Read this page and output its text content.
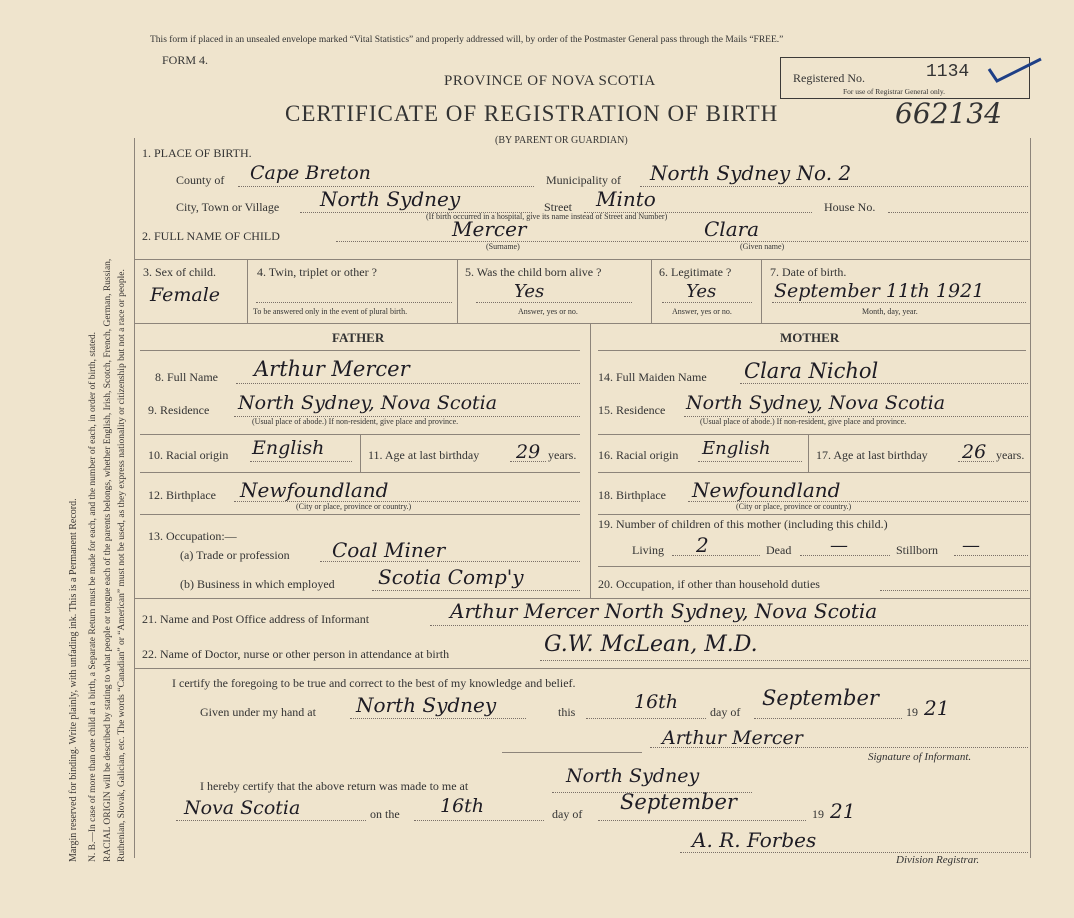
Margin reserved for binding. Write plainly, with unfading ink. This is a Permanent Record. N. B.—In case of more than one child at a birth, a Separate Return must be made for each, and the number of each, in order of birth, stated. RACIAL ORIGIN will be described by stating to what people or tongue each of the parents belongs, whether English, Irish, Scotch, French, German, Russian, Ruthenian, Slovak, Galician, etc. The words “Canadian” or “American” must not be used, as they express nationality or citizenship but not a race or people.
This form if placed in an unsealed envelope marked “Vital Statistics” and properly addressed will, by order of the Postmaster General pass through the Mails “FREE.”
FORM 4.
PROVINCE OF NOVA SCOTIA
CERTIFICATE OF REGISTRATION OF BIRTH	662134
(BY PARENT OR GUARDIAN)
Registered No.	1134
For use of Registrar General only.
1. PLACE OF BIRTH.
County of Cape Breton	Municipality of North Sydney No. 2
City, Town or Village North Sydney	Street Minto	House No.
(If birth occurred in a hospital, give its name instead of Street and Number)
2. FULL NAME OF CHILD	Mercer
(Surname)
Clara
(Given name)
3. Sex of child.
Female
4. Twin, triplet or other ?
To be answered only in the event of plural birth.
5. Was the child born alive ?
Yes
Answer, yes or no.
6. Legitimate ?
Yes
Answer, yes or no.
7. Date of birth.
September 11th 1921
Month, day, year.
FATHER	MOTHER
8. Full Name Arthur Mercer
9. Residence North Sydney, Nova Scotia
(Usual place of abode.) If non-resident, give place and province.
10. Racial origin English	11. Age at last birthday 29 years.
12. Birthplace Newfoundland
(City or place, province or country.)
13. Occupation:—
(a) Trade or profession Coal Miner
(b) Business in which employed Scotia Comp'y
14. Full Maiden Name Clara Nichol
15. Residence North Sydney, Nova Scotia
(Usual place of abode.) If non-resident, give place and province.
16. Racial origin English	17. Age at last birthday 26 years.
18. Birthplace Newfoundland
(City or place, province or country.)
19. Number of children of this mother (including this child.)
Living 2	Dead —	Stillborn —
20. Occupation, if other than household duties
21. Name and Post Office address of Informant	Arthur Mercer North Sydney, Nova Scotia
22. Name of Doctor, nurse or other person in attendance at birth	G.W. McLean, M.D.
I certify the foregoing to be true and correct to the best of my knowledge and belief.
Given under my hand at North Sydney	this	16th	day of
September
19 21
Arthur Mercer
Signature of Informant.
I hereby certify that the above return was made to me at	North Sydney
Nova Scotia	on the 16th	day of September	19 21
A. R. Forbes
Division Registrar.
